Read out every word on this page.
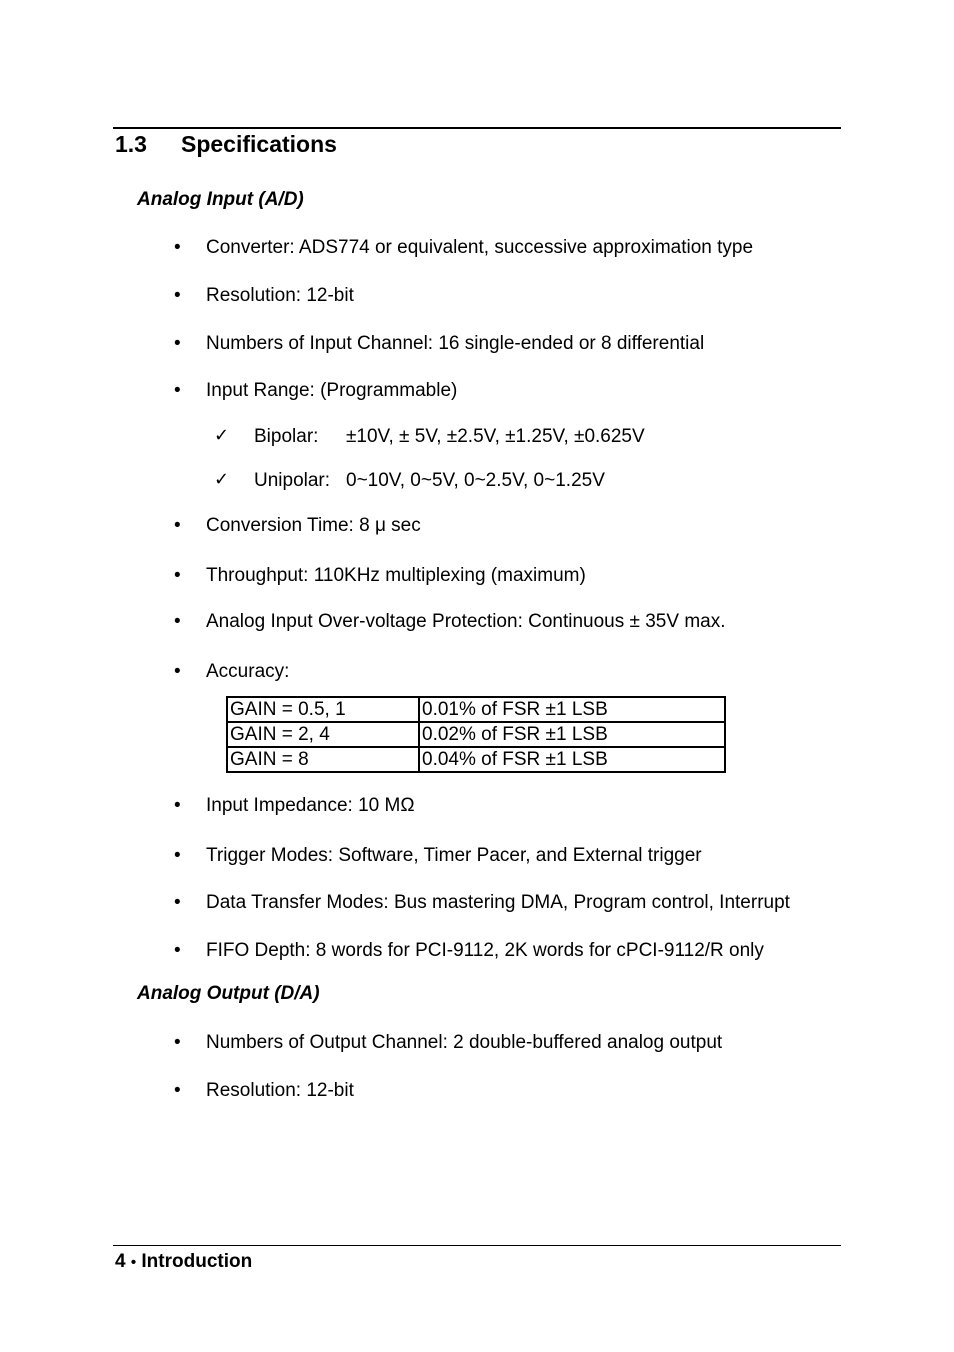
1.3 Specifications
Analog Input (A/D)
• Converter: ADS774 or equivalent, successive approximation type
• Resolution: 12-bit
• Numbers of Input Channel: 16 single-ended or 8 differential
• Input Range: (Programmable)
✓ Bipolar: ±10V, ± 5V, ±2.5V, ±1.25V, ±0.625V
✓ Unipolar: 0~10V, 0~5V, 0~2.5V, 0~1.25V
• Conversion Time: 8 μ sec
• Throughput: 110KHz multiplexing (maximum)
• Analog Input Over-voltage Protection: Continuous ± 35V max.
• Accuracy:
GAIN = 0.5, 1	0.01% of FSR ±1 LSB
GAIN = 2, 4	0.02% of FSR ±1 LSB
GAIN = 8	0.04% of FSR ±1 LSB
• Input Impedance: 10 MΩ
• Trigger Modes: Software, Timer Pacer, and External trigger
• Data Transfer Modes: Bus mastering DMA, Program control, Interrupt
• FIFO Depth: 8 words for PCI-9112, 2K words for cPCI-9112/R only
Analog Output (D/A)
• Numbers of Output Channel: 2 double-buffered analog output
• Resolution: 12-bit
4 • Introduction
